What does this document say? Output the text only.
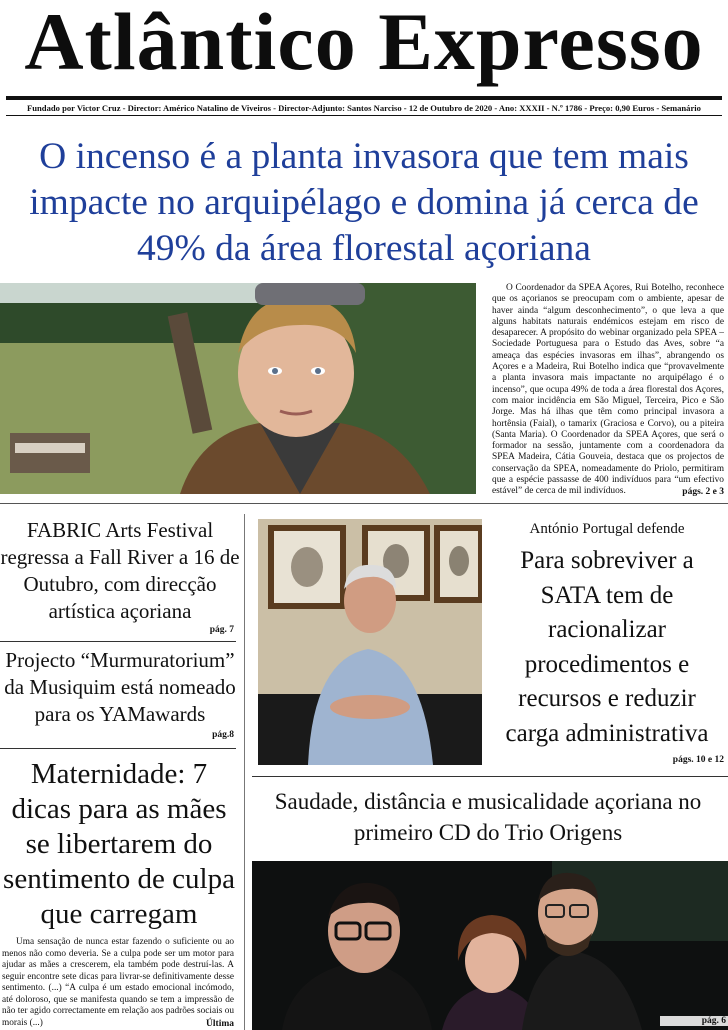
Atlântico Expresso
Fundado por Victor Cruz - Director: Américo Natalino de Viveiros - Director-Adjunto: Santos Narciso - 12 de Outubro de 2020 - Ano: XXXII - N.º 1786 - Preço: 0,90 Euros - Semanário
O incenso é a planta invasora que tem mais impacte no arquipélago e domina já cerca de 49% da área florestal açoriana
O Coordenador da SPEA Açores, Rui Botelho, reconhece que os açorianos se preocupam com o ambiente, apesar de haver ainda “algum desconhecimento”, o que leva a que alguns habitats naturais endémicos estejam em risco de desaparecer. A propósito do webinar organizado pela SPEA – Sociedade Portuguesa para o Estudo das Aves, sobre “a ameaça das espécies invasoras em ilhas”, abrangendo os Açores e a Madeira, Rui Botelho indica que “provavelmente a planta invasora mais impactante no arquipélago é o incenso”, que ocupa 49% de toda a área florestal dos Açores, com maior incidência em São Miguel, Terceira, Pico e São Jorge. Mas há ilhas que têm como principal invasora a hortênsia (Faial), o tamarix (Graciosa e Corvo), ou a piteira (Santa Maria). O Coordenador da SPEA Açores, que será o formador na sessão, juntamente com a coordenadora da SPEA Madeira, Cátia Gouveia, destaca que os projectos de conservação da SPEA, nomeadamente do Priolo, permitiram que a espécie passasse de 400 indivíduos para “um efectivo estável” de cerca de mil indivíduos.	págs. 2 e 3
FABRIC Arts Festival regressa a Fall River a 16 de Outubro, com direcção artística açoriana
pág. 7
Projecto “Murmuratorium” da Musiquim está nomeado para os YAMawards
pág.8
Maternidade: 7 dicas para as mães se libertarem do sentimento de culpa que carregam
Uma sensação de nunca estar fazendo o suficiente ou ao menos não como deveria. Se a culpa pode ser um motor para ajudar as mães a crescerem, ela também pode destruí-las. A seguir encontre sete dicas para livrar-se definitivamente desse sentimento. (...) “A culpa é um estado emocional incómodo, até doloroso, que se manifesta quando se tem a impressão de não ter agido correctamente em relação aos padrões sociais ou morais (...)	Última
António Portugal defende
Para sobreviver a SATA tem de racionalizar procedimentos e recursos e reduzir carga administrativa
págs. 10 e 12
Saudade, distância e musicalidade açoriana no primeiro CD do Trio Origens
pág. 6
